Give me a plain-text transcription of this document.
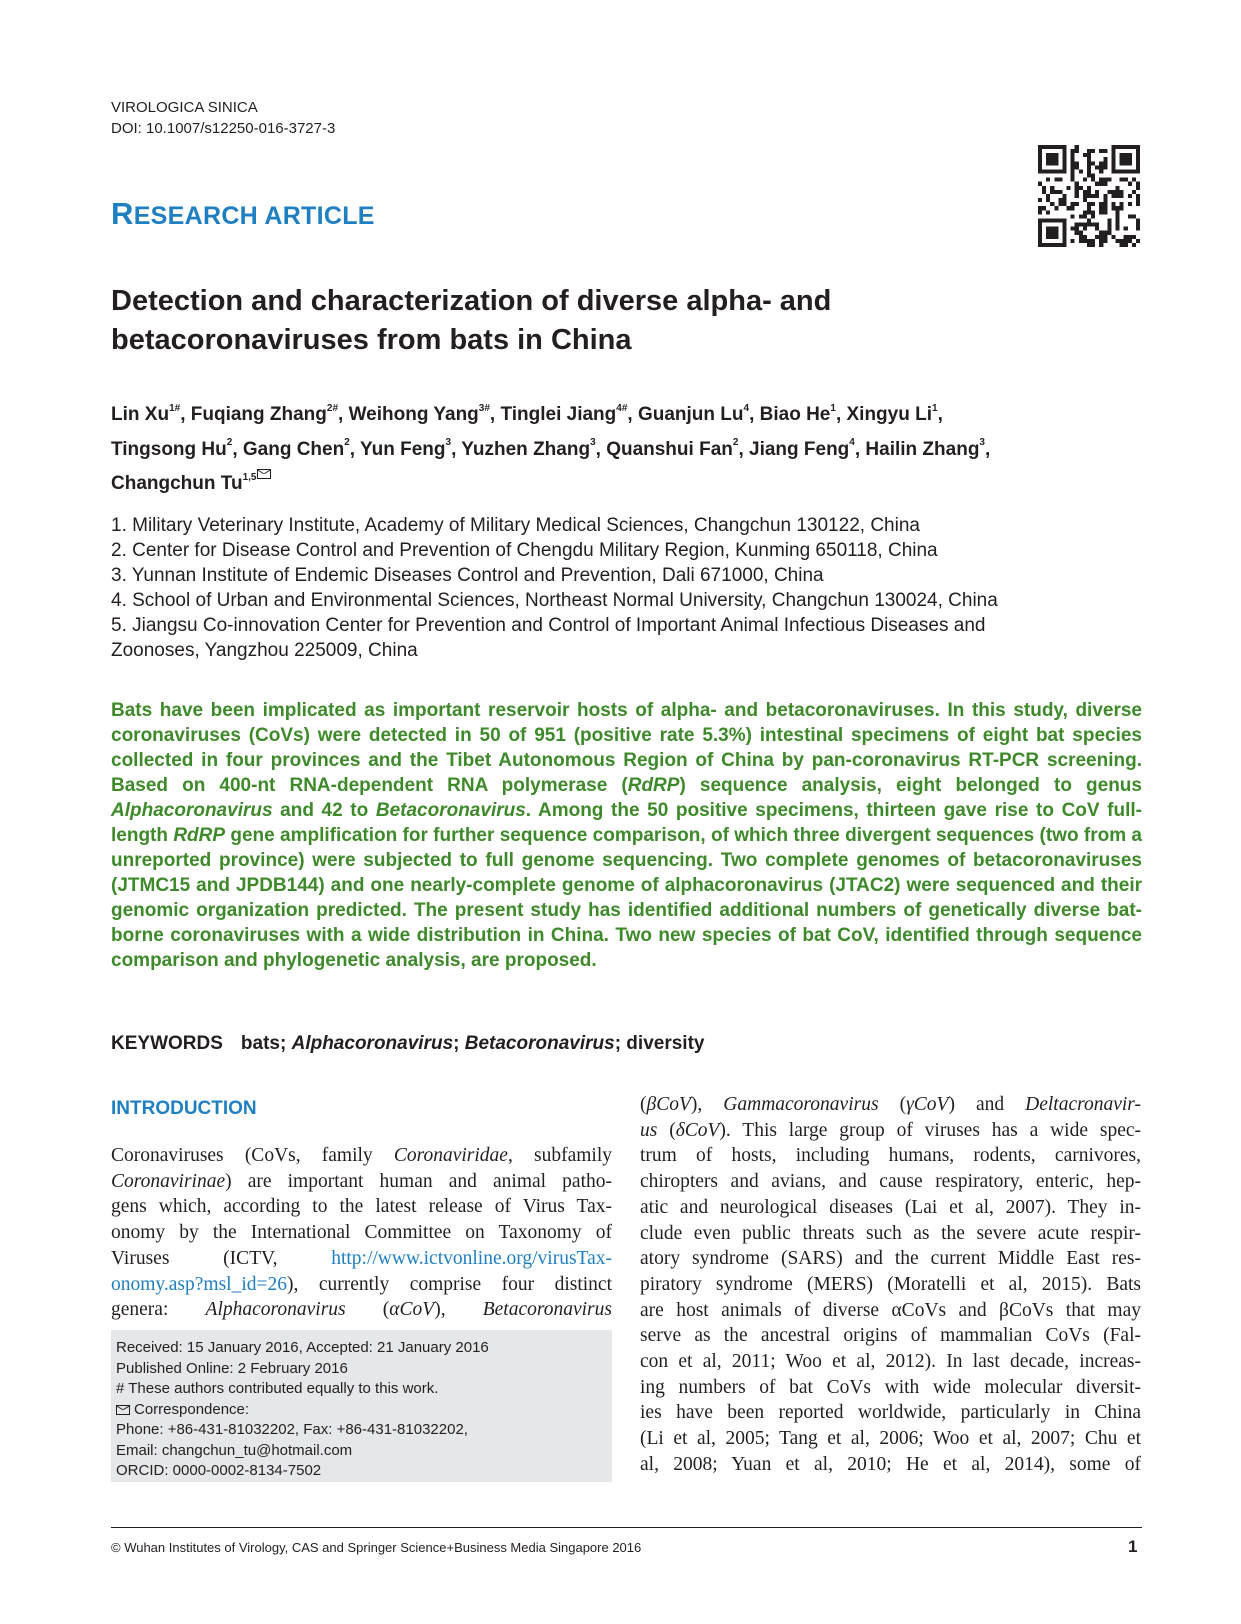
VIROLOGICA SINICA
DOI: 10.1007/s12250-016-3727-3
RESEARCH ARTICLE
Detection and characterization of diverse alpha- and
betacoronaviruses from bats in China
Lin $Xu^{1\#}$, Fuqiang Zhang$^{2\#}$, Weihong Yang$^{3\#}$, Tinglei Jiang$^{4\#}$, Guanjun Lu$^4$, Biao He$^1$, Xingyu Li$^1$,
Tingsong Hu$^2$, Gang Chen$^2$, Yun Feng$^3$, Yuzhen Zhang$^3$, Quanshui Fan$^2$, Jiang Feng$^4$, Hailin Zhang$^3$,
Changchun Tu$^{1,5}$
1. Military Veterinary Institute, Academy of Military Medical Sciences, Changchun 130122, China
2. Center for Disease Control and Prevention of Chengdu Military Region, Kunming 650118, China
3. Yunnan Institute of Endemic Diseases Control and Prevention, Dali 671000, China
4. School of Urban and Environmental Sciences, Northeast Normal University, Changchun 130024, China
5. Jiangsu Co-innovation Center for Prevention and Control of Important Animal Infectious Diseases and
Zoonoses, Yangzhou 225009, China
Bats have been implicated as important reservoir hosts of alpha- and betacoronaviruses. In this study, diverse coronaviruses (CoVs) were detected in 50 of 951 (positive rate 5.3%) intestinal specimens of eight bat species collected in four provinces and the Tibet Autonomous Region of China by pan-coronavirus RT-PCR screening. Based on 400-nt RNA-dependent RNA polymerase (RdRP) sequence analysis, eight belonged to genus Alphacoronavirus and 42 to Betacoronavirus. Among the 50 positive specimens, thirteen gave rise to CoV full-length RdRP gene amplification for further sequence comparison, of which three divergent sequences (two from a unreported province) were subjected to full genome sequencing. Two complete genomes of betacoronaviruses (JTMC15 and JPDB144) and one nearly-complete genome of alphacoronavirus (JTAC2) were sequenced and their genomic organization predicted. The present study has identified additional numbers of genetically diverse bat-borne coronaviruses with a wide distribution in China. Two new species of bat CoV, identified through sequence comparison and phylogenetic analysis, are proposed.
KEYWORDS bats; Alphacoronavirus; Betacoronavirus; diversity
INTRODUCTION
Coronaviruses (CoVs, family Coronaviridae, subfamily
Coronavirinae) are important human and animal patho-
gens which, according to the latest release of Virus Tax-
onomy by the International Committee on Taxonomy of
Viruses (ICTV, http://www.ictvonline.org/virusTax-
onomy.asp?msl_id=26), currently comprise four distinct
genera: Alphacoronavirus (αCoV), Betacoronavirus
(βCoV), Gammacoronavirus (γCoV) and Deltacronavir-
us (δCoV). This large group of viruses has a wide spec-
trum of hosts, including humans, rodents, carnivores,
chiropters and avians, and cause respiratory, enteric, hep-
atic and neurological diseases (Lai et al, 2007). They in-
clude even public threats such as the severe acute respir-
atory syndrome (SARS) and the current Middle East res-
piratory syndrome (MERS) (Moratelli et al, 2015). Bats
are host animals of diverse αCoVs and βCoVs that may
serve as the ancestral origins of mammalian CoVs (Fal-
con et al, 2011; Woo et al, 2012). In last decade, increas-
ing numbers of bat CoVs with wide molecular diversit-
ies have been reported worldwide, particularly in China
(Li et al, 2005; Tang et al, 2006; Woo et al, 2007; Chu et
al, 2008; Yuan et al, 2010; He et al, 2014), some of
Received: 15 January 2016, Accepted: 21 January 2016
Published Online: 2 February 2016
# These authors contributed equally to this work.
Correspondence:
Phone: +86-431-81032202, Fax: +86-431-81032202,
Email: changchun_tu@hotmail.com
ORCID: 0000-0002-8134-7502
© Wuhan Institutes of Virology, CAS and Springer Science+Business Media Singapore 2016	1
